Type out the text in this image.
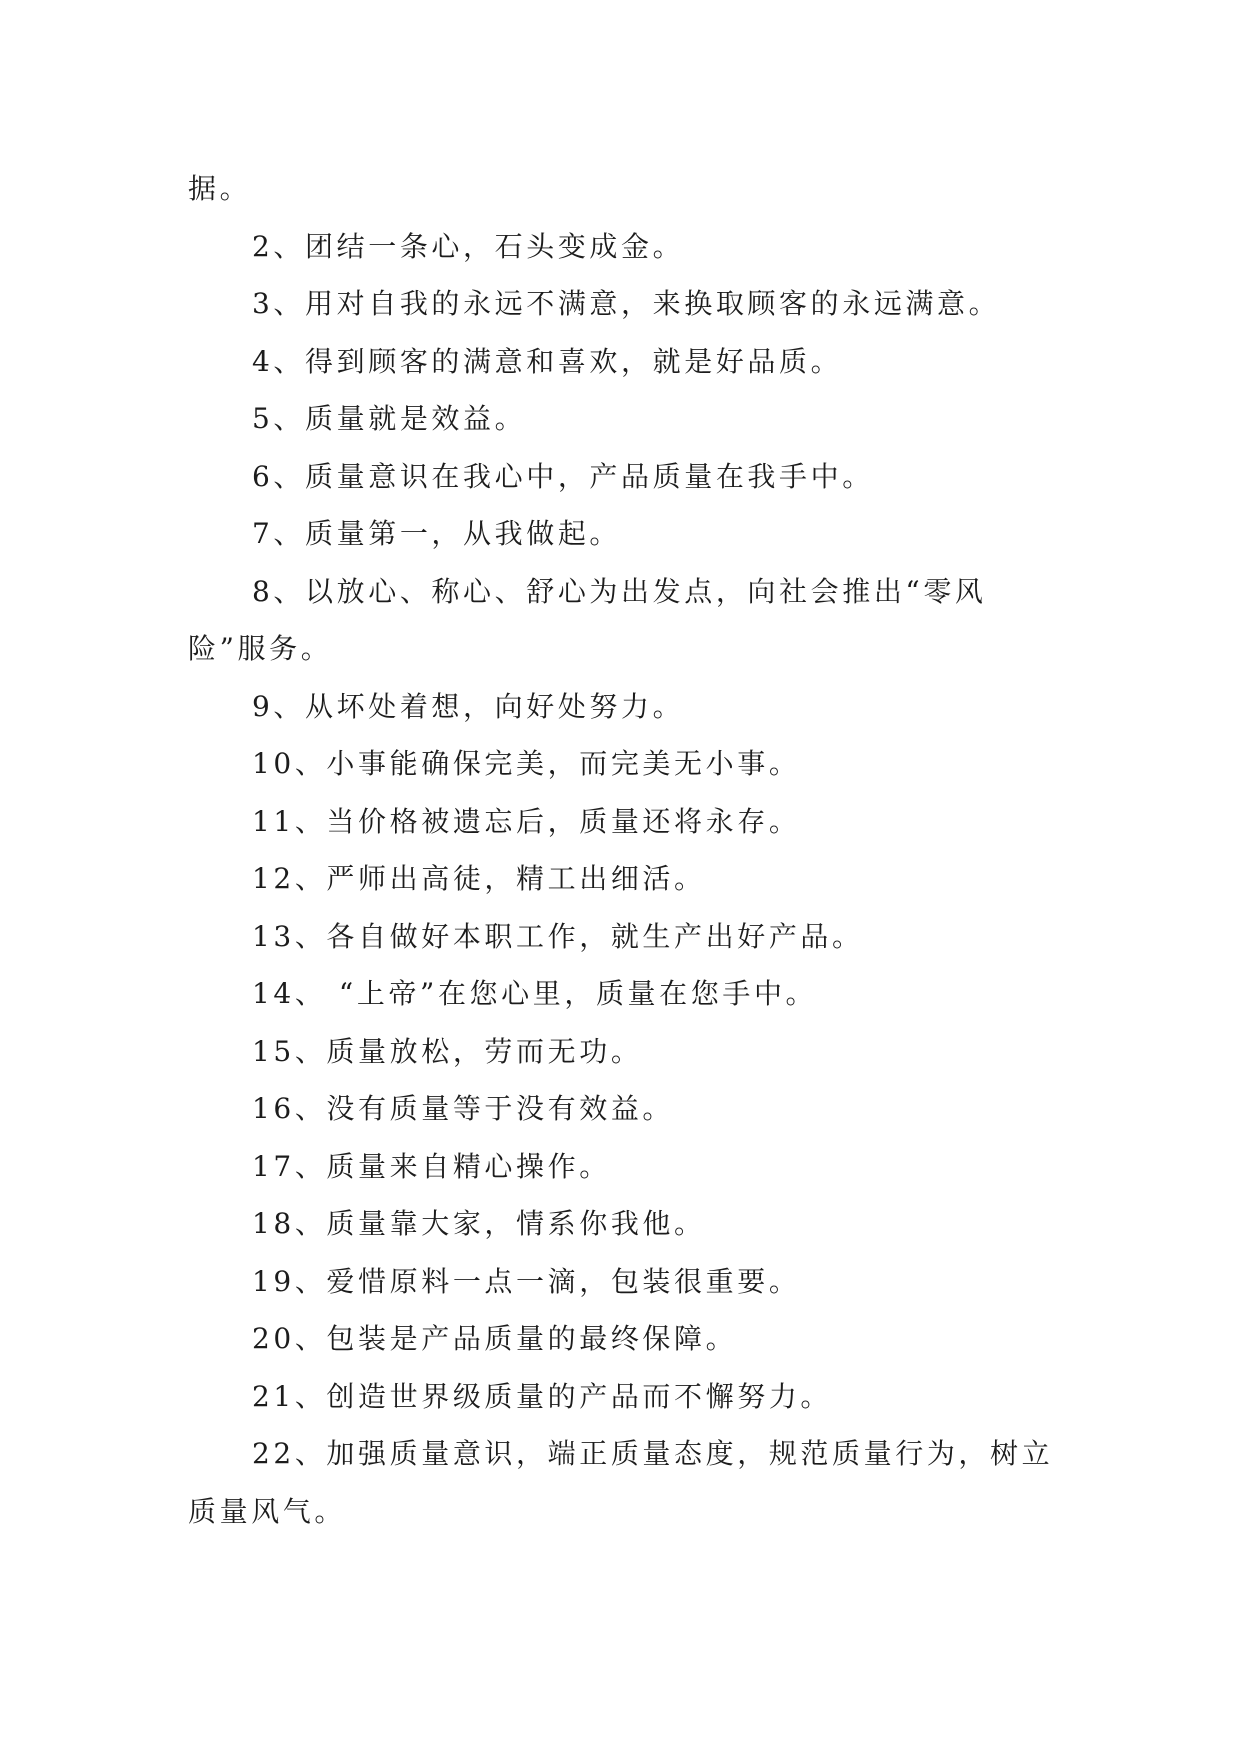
据。

2、团结一条心，石头变成金。

3、用对自我的永远不满意，来换取顾客的永远满意。

4、得到顾客的满意和喜欢，就是好品质。

5、质量就是效益。

6、质量意识在我心中，产品质量在我手中。

7、质量第一，从我做起。

8、以放心、称心、舒心为出发点，向社会推出“零风险”服务。

9、从坏处着想，向好处努力。

10、小事能确保完美，而完美无小事。

11、当价格被遗忘后，质量还将永存。

12、严师出高徒，精工出细活。

13、各自做好本职工作，就生产出好产品。

14、 “上帝”在您心里，质量在您手中。

15、质量放松，劳而无功。

16、没有质量等于没有效益。

17、质量来自精心操作。

18、质量靠大家，情系你我他。

19、爱惜原料一点一滴，包装很重要。

20、包装是产品质量的最终保障。

21、创造世界级质量的产品而不懈努力。

22、加强质量意识，端正质量态度，规范质量行为，树立质量风气。
